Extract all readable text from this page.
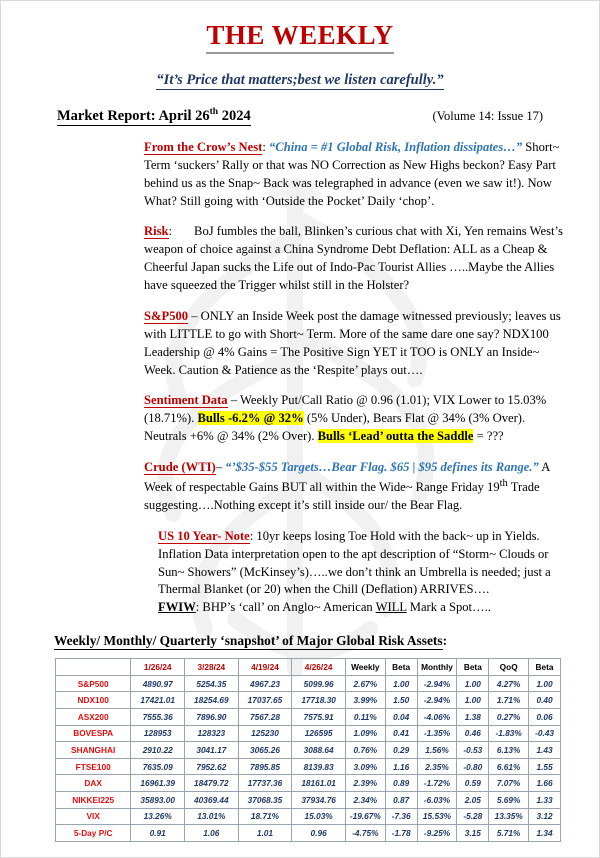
THE WEEKLY
“It’s Price that matters;best we listen carefully.”
Market Report: April 26th 2024	(Volume 14: Issue 17)

From the Crow’s Nest: “China = #1 Global Risk, Inflation dissipates…” Short~ Term ‘suckers’ Rally or that was NO Correction as New Highs beckon? Easy Part behind us as the Snap~ Back was telegraphed in advance (even we saw it!). Now What? Still going with ‘Outside the Pocket’ Daily ‘chop’.

Risk: BoJ fumbles the ball, Blinken’s curious chat with Xi, Yen remains West’s weapon of choice against a China Syndrome Debt Deflation: ALL as a Cheap & Cheerful Japan sucks the Life out of Indo-Pac Tourist Allies …..Maybe the Allies have squeezed the Trigger whilst still in the Holster?

S&P500 – ONLY an Inside Week post the damage witnessed previously; leaves us with LITTLE to go with Short~ Term. More of the same dare one say? NDX100 Leadership @ 4% Gains = The Positive Sign YET it TOO is ONLY an Inside~ Week. Caution & Patience as the ‘Respite’ plays out….

Sentiment Data – Weekly Put/Call Ratio @ 0.96 (1.01); VIX Lower to 15.03% (18.71%). Bulls -6.2% @ 32% (5% Under), Bears Flat @ 34% (3% Over). Neutrals +6% @ 34% (2% Over). Bulls ‘Lead’ outta the Saddle = ???

Crude (WTI)– “’$35-$55 Targets…Bear Flag. $65 | $95 defines its Range.” A Week of respectable Gains BUT all within the Wide~ Range Friday 19th Trade suggesting….Nothing except it’s still inside our/ the Bear Flag.

US 10 Year- Note: 10yr keeps losing Toe Hold with the back~ up in Yields. Inflation Data interpretation open to the apt description of “Storm~ Clouds or Sun~ Showers” (McKinsey’s)…..we don’t think an Umbrella is needed; just a Thermal Blanket (or 20) when the Chill (Deflation) ARRIVES….

FWIW: BHP’s ‘call’ on Anglo~ American WILL Mark a Spot…..

Weekly/ Monthly/ Quarterly ‘snapshot’ of Major Global Risk Assets:
	1/26/24	3/28/24	4/19/24	4/26/24	Weekly	Beta	Monthly	Beta	QoQ	Beta
S&P500	4890.97	5254.35	4967.23	5099.96	2.67%	1.00	-2.94%	1.00	4.27%	1.00
NDX100	17421.01	18254.69	17037.65	17718.30	3.99%	1.50	-2.94%	1.00	1.71%	0.40
ASX200	7555.36	7896.90	7567.28	7575.91	0.11%	0.04	-4.06%	1.38	0.27%	0.06
BOVESPA	128953	128323	125230	126595	1.09%	0.41	-1.35%	0.46	-1.83%	-0.43
SHANGHAI	2910.22	3041.17	3065.26	3088.64	0.76%	0.29	1.56%	-0.53	6.13%	1.43
FTSE100	7635.09	7952.62	7895.85	8139.83	3.09%	1.16	2.35%	-0.80	6.61%	1.55
DAX	16961.39	18479.72	17737.36	18161.01	2.39%	0.89	-1.72%	0.59	7.07%	1.66
NIKKEI225	35893.00	40369.44	37068.35	37934.76	2.34%	0.87	-6.03%	2.05	5.69%	1.33
VIX	13.26%	13.01%	18.71%	15.03%	-19.67%	-7.36	15.53%	-5.28	13.35%	3.12
5-Day P/C	0.91	1.06	1.01	0.96	-4.75%	-1.78	-9.25%	3.15	5.71%	1.34
